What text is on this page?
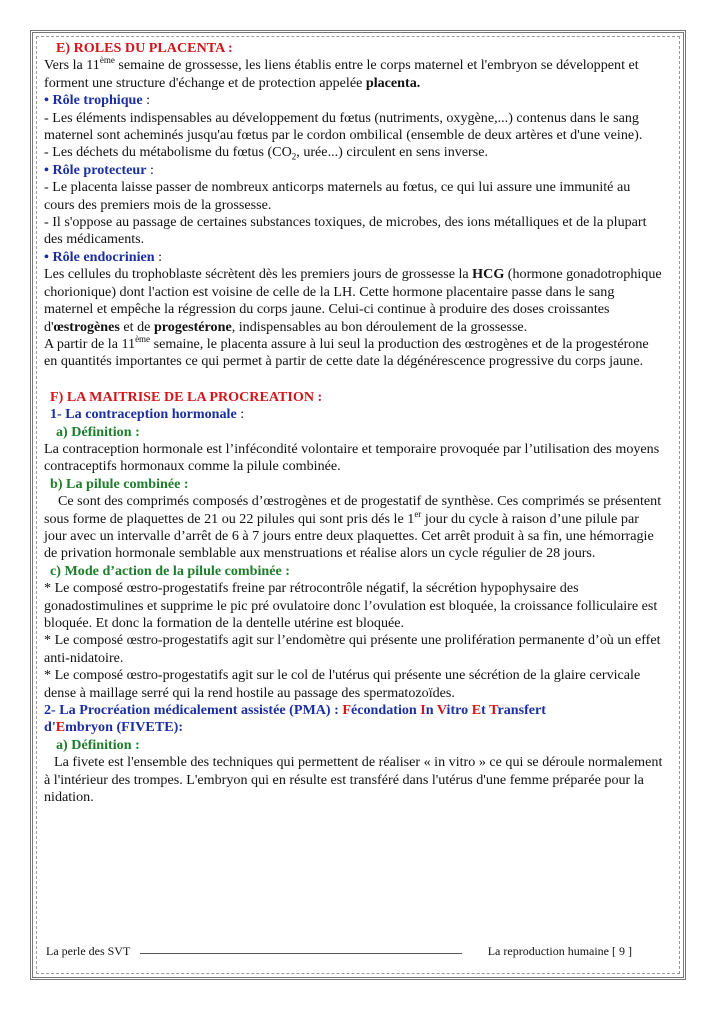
E) ROLES DU PLACENTA :

Vers la 11ème semaine de grossesse, les liens établis entre le corps maternel et l'embryon se développent et forment une structure d'échange et de protection appelée placenta.

• Rôle trophique :

- Les éléments indispensables au développement du fœtus (nutriments, oxygène,...) contenus dans le sang maternel sont acheminés jusqu'au fœtus par le cordon ombilical (ensemble de deux artères et d'une veine).

- Les déchets du métabolisme du fœtus (CO2, urée...) circulent en sens inverse.

• Rôle protecteur :

- Le placenta laisse passer de nombreux anticorps maternels au fœtus, ce qui lui assure une immunité au cours des premiers mois de la grossesse.

- Il s'oppose au passage de certaines substances toxiques, de microbes, des ions métalliques et de la plupart des médicaments.

• Rôle endocrinien :

Les cellules du trophoblaste sécrètent dès les premiers jours de grossesse la HCG (hormone gonadotrophique chorionique) dont l'action est voisine de celle de la LH. Cette hormone placentaire passe dans le sang maternel et empêche la régression du corps jaune. Celui-ci continue à produire des doses croissantes d'œstrogènes et de progestérone, indispensables au bon déroulement de la grossesse.

A partir de la 11ème semaine, le placenta assure à lui seul la production des œstrogènes et de la progestérone en quantités importantes ce qui permet à partir de cette date la dégénérescence progressive du corps jaune.

F) LA MAITRISE DE LA PROCREATION :

1- La contraception hormonale :

a) Définition :

La contraception hormonale est l’infécondité volontaire et temporaire provoquée par l’utilisation des moyens contraceptifs hormonaux comme la pilule combinée.

b) La pilule combinée :

Ce sont des comprimés composés d’œstrogènes et de progestatif de synthèse. Ces comprimés se présentent sous forme de plaquettes de 21 ou 22 pilules qui sont pris dés le 1er jour du cycle à raison d’une pilule par jour avec un intervalle d’arrêt de 6 à 7 jours entre deux plaquettes. Cet arrêt produit à sa fin, une hémorragie de privation hormonale semblable aux menstruations et réalise alors un cycle régulier de 28 jours.

c) Mode d’action de la pilule combinée :

* Le composé œstro-progestatifs freine par rétrocontrôle négatif, la sécrétion hypophysaire des gonadostimulines et supprime le pic pré ovulatoire donc l’ovulation est bloquée, la croissance folliculaire est bloquée. Et donc la formation de la dentelle utérine est bloquée.

* Le composé œstro-progestatifs agit sur l’endomètre qui présente une prolifération permanente d’où un effet anti-nidatoire.

* Le composé œstro-progestatifs agit sur le col de l'utérus qui présente une sécrétion de la glaire cervicale dense à maillage serré qui la rend hostile au passage des spermatozoïdes.

2- La Procréation médicalement assistée (PMA) : Fécondation In Vitro Et Transfert

d'Embryon (FIVETE):

a) Définition :

La fivete est l'ensemble des techniques qui permettent de réaliser « in vitro » ce qui se déroule normalement à l'intérieur des trompes. L'embryon qui en résulte est transféré dans l'utérus d'une femme préparée pour la nidation.

La perle des SVT	La reproduction humaine [ 9 ]
